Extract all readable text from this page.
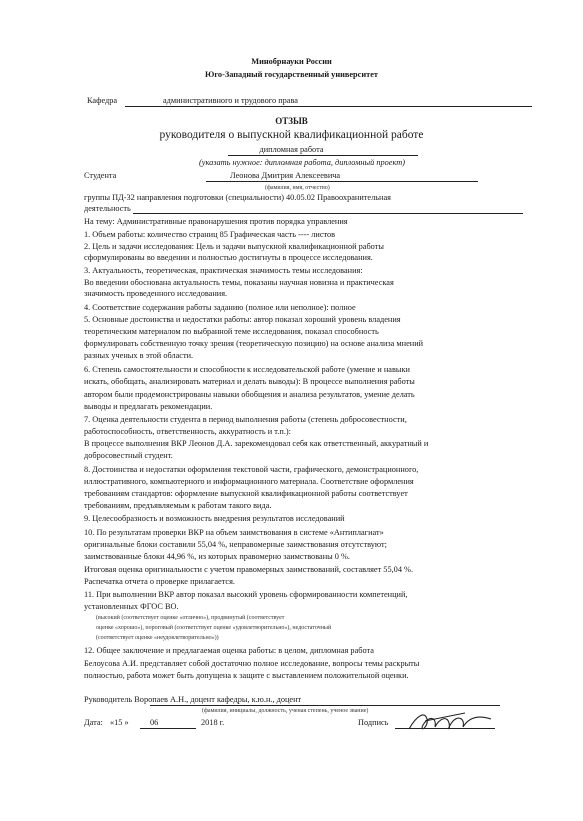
Минобрнауки России
Юго-Западный государственный университет
Кафедра	административного и трудового права
ОТЗЫВ
руководителя о выпускной квалификационной работе
дипломная работа
(указать нужное: дипломная работа, дипломный проект)
Студента	Леонова Дмитрия Алексеевича
(фамилия, имя, отчество)
группы ПД-32 направления подготовки (специальности) 40.05.02 Правоохранительная
деятельность
На тему: Административные правонарушения против порядка управления
1. Объем работы: количество страниц 85 Графическая часть ---- листов
2. Цель и задачи исследования: Цель и задачи выпускной квалификационной работы
сформулированы во введении и полностью достигнуты в процессе исследования.
3. Актуальность, теоретическая, практическая значимость темы исследования:
Во введении обоснована актуальность темы, показаны научная новизна и практическая
значимость проведенного исследования.
4. Соответствие содержания работы заданию (полное или неполное): полное
5. Основные достоинства и недостатки работы: автор показал хороший уровень владения
теоретическим материалом по выбранной теме исследования, показал способность
формулировать собственную точку зрения (теоретическую позицию) на основе анализа мнений
разных ученых в этой области.
6. Степень самостоятельности и способности к исследовательской работе (умение и навыки
искать, обобщать, анализировать материал и делать выводы): В процессе выполнения работы
автором были продемонстрированы навыки обобщения и анализа результатов, умение делать
выводы и предлагать рекомендации.
7. Оценка деятельности студента в период выполнения работы (степень добросовестности,
работоспособность, ответственность, аккуратность и т.п.):
В процессе выполнения ВКР Леонов Д.А. зарекомендовал себя как ответственный, аккуратный и
добросовестный студент.
8. Достоинства и недостатки оформления текстовой части, графического, демонстрационного,
иллюстративного, компьютерного и информационного материала. Соответствие оформления
требованиям стандартов: оформление выпускной квалификационной работы соответствует
требованиям, предъявляемым к работам такого вида.
9. Целесообразность и возможность внедрения результатов исследований
10. По результатам проверки ВКР на объем заимствования в системе «Антиплагиат»
оригинальные блоки составили 55,04 %, неправомерные заимствования отсутствуют;
заимствованные блоки 44,96 %, из которых правомерно заимствованы 0 %.
Итоговая оценка оригинальности с учетом правомерных заимствований, составляет 55,04 %.
Распечатка отчета о проверке прилагается.
11. При выполнении ВКР автор показал высокий уровень сформированности компетенций,
установленных ФГОС ВО.
(высокий (соответствует оценке «отлично»), продвинутый (соответствует
оценке «хорошо»), пороговый (соответствует оценке «удовлетворительно»), недостаточный
(соответствует оценке «неудовлетворительно»))
12. Общее заключение и предлагаемая оценка работы: в целом, дипломная работа
Белоусова А.И. представляет собой достаточно полное исследование, вопросы темы раскрыты
полностью, работа может быть допущена к защите с выставлением положительной оценки.
Руководитель Воропаев А.Н., доцент кафедры, к.ю.н., доцент
(фамилия, инициалы, должность, ученая степень, ученое звание)
Дата: «15 »	06	2018 г.	Подпись
